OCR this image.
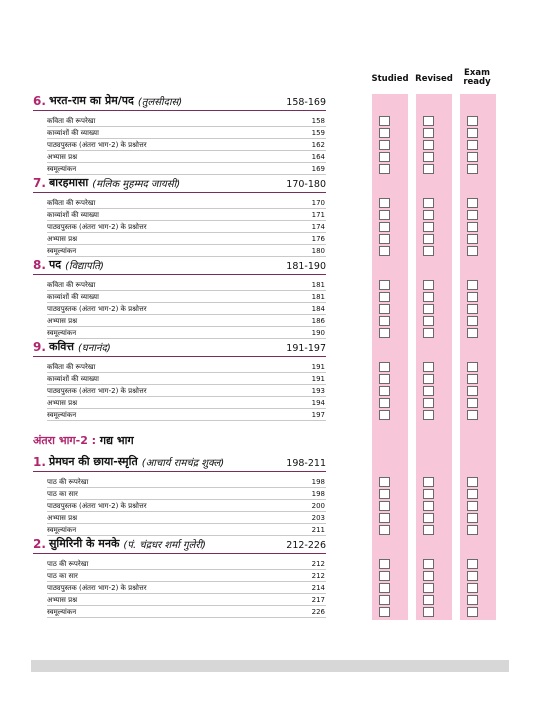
Studied Revised
Exam ready
6. भरत-राम का प्रेम/पद (तुलसीदास)	158-169
कविता की रूपरेखा	158
काव्यांशों की व्याख्या	159
पाठ्यपुस्तक (अंतरा भाग-2) के प्रश्नोत्तर	162
अभ्यास प्रश्न	164
स्वमूल्यांकन	169
7. बारहमासा (मलिक मुहम्मद जायसी)	170-180
कविता की रूपरेखा	170
काव्यांशों की व्याख्या	171
पाठ्यपुस्तक (अंतरा भाग-2) के प्रश्नोत्तर	174
अभ्यास प्रश्न	176
स्वमूल्यांकन	180
8. पद (विद्यापति)	181-190
कविता की रूपरेखा	181
काव्यांशों की व्याख्या	181
पाठ्यपुस्तक (अंतरा भाग-2) के प्रश्नोत्तर	184
अभ्यास प्रश्न	186
स्वमूल्यांकन	190
9. कवित्त (घनानंद)	191-197
कविता की रूपरेखा	191
काव्यांशों की व्याख्या	191
पाठ्यपुस्तक (अंतरा भाग-2) के प्रश्नोत्तर	193
अभ्यास प्रश्न	194
स्वमूल्यांकन	197
1. प्रेमघन की छाया-स्मृति (आचार्य रामचंद्र शुक्ल)	198-211
पाठ की रूपरेखा	198
पाठ का सार	198
पाठ्यपुस्तक (अंतरा भाग-2) के प्रश्नोत्तर	200
अभ्यास प्रश्न	203
स्वमूल्यांकन	211
2. सुमिरिनी के मनके (पं. चंद्रधर शर्मा गुलेरी)	212-226
पाठ की रूपरेखा	212
पाठ का सार	212
पाठ्यपुस्तक (अंतरा भाग-2) के प्रश्नोत्तर	214
अभ्यास प्रश्न	217
स्वमूल्यांकन	226
अंतरा भाग-2 : गद्य भाग
